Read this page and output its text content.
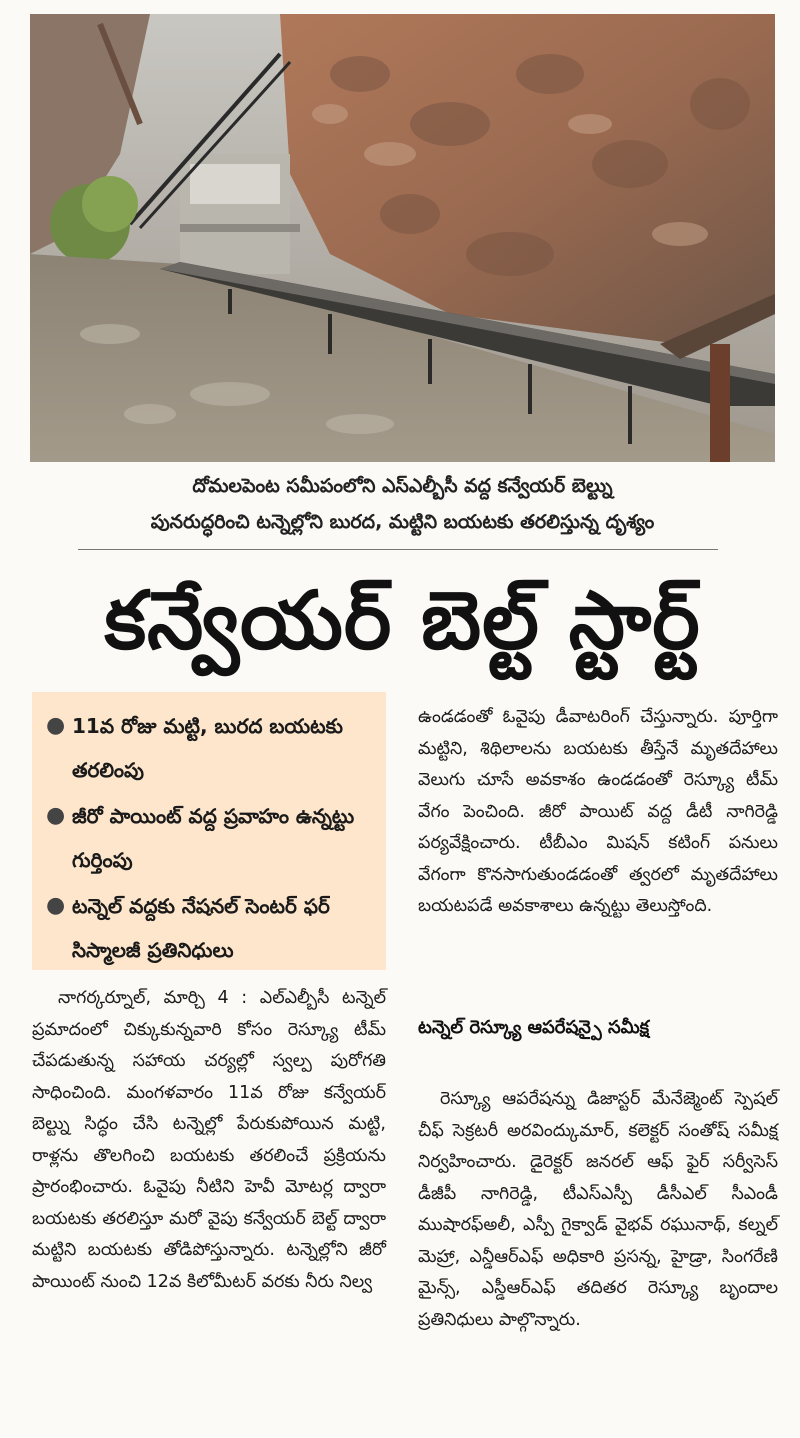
దోమలపెంట సమీపంలోని ఎస్ఎల్బీసీ వద్ద కన్వేయర్ బెల్ట్ను
పునరుద్ధరించి టన్నెల్లోని బురద, మట్టిని బయటకు తరలిస్తున్న దృశ్యం
కన్వేయర్ బెల్ట్ స్టార్ట్
● 11వ రోజు మట్టి, బురద బయటకు తరలింపు
● జీరో పాయింట్ వద్ద ప్రవాహం ఉన్నట్టు గుర్తింపు
● టన్నెల్ వద్దకు నేషనల్ సెంటర్ ఫర్ సిస్మాలజీ ప్రతినిధులు
నాగర్కర్నూల్, మార్చి 4 : ఎల్ఎల్బీసీ టన్నెల్ ప్రమాదంలో చిక్కుకున్నవారి కోసం రెస్క్యూ టీమ్ చేపడుతున్న సహాయ చర్యల్లో స్వల్ప పురోగతి సాధించింది. మంగళవారం 11వ రోజు కన్వేయర్ బెల్ట్ను సిద్ధం చేసి టన్నెల్లో పేరుకుపోయిన మట్టి, రాళ్లను తొలగించి బయటకు తరలించే ప్రక్రియను ప్రారంభించారు. ఓవైపు నీటిని హెవీ మోటర్ల ద్వారా బయటకు తరలిస్తూ మరో వైపు కన్వేయర్ బెల్ట్ ద్వారా మట్టిని బయటకు తోడిపోస్తున్నారు. టన్నెల్లోని జీరో పాయింట్ నుంచి 12వ కిలోమీటర్ వరకు నీరు నిల్వ
ఉండడంతో ఓవైపు డీవాటరింగ్ చేస్తున్నారు. పూర్తిగా మట్టిని, శిథిలాలను బయటకు తీస్తేనే మృతదేహాలు వెలుగు చూసే అవకాశం ఉండడంతో రెస్క్యూ టీమ్ వేగం పెంచింది. జీరో పాయిట్ వద్ద డీటీ నాగిరెడ్డి పర్యవేక్షించారు. టీబీఎం మిషన్ కటింగ్ పనులు వేగంగా కొనసాగుతుండడంతో త్వరలో మృతదేహాలు బయటపడే అవకాశాలు ఉన్నట్టు తెలుస్తోంది.
టన్నెల్ రెస్క్యూ ఆపరేషన్పై సమీక్ష
రెస్క్యూ ఆపరేషన్ను డిజాస్టర్ మేనేజ్మెంట్ స్పెషల్ చీఫ్ సెక్రటరీ అరవింద్కుమార్, కలెక్టర్ సంతోష్ సమీక్ష నిర్వహించారు. డైరెక్టర్ జనరల్ ఆఫ్ ఫైర్ సర్వీసెస్ డీజీపీ నాగిరెడ్డి, టీఎస్ఎస్పీ డీసీఎల్ సీఎండీ ముషారఫ్అలీ, ఎస్పీ గైక్వాడ్ వైభవ్ రఘునాథ్, కల్నల్ మెహ్రా, ఎన్డీఆర్ఎఫ్ అధికారి ప్రసన్న, హైడ్రా, సింగరేణి మైన్స్, ఎస్డీఆర్ఎఫ్ తదితర రెస్క్యూ బృందాల ప్రతినిధులు పాల్గొన్నారు.
